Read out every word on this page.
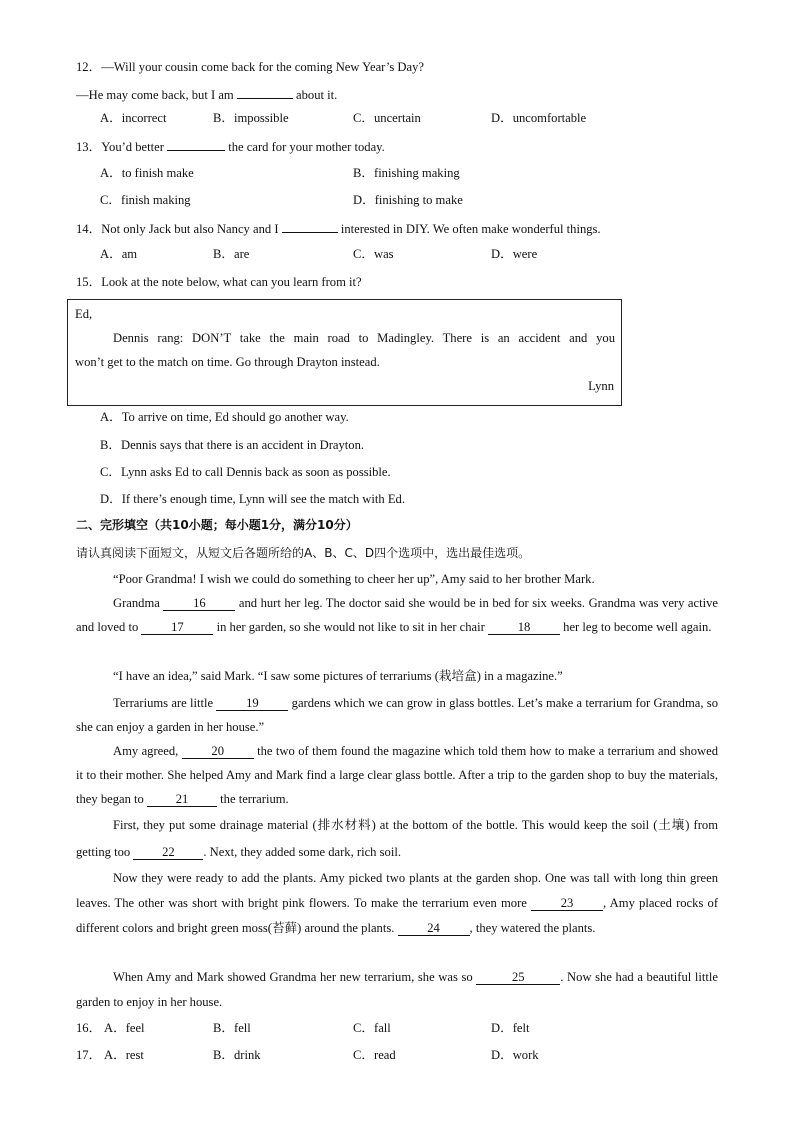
12．—Will your cousin come back for the coming New Year’s Day?
—He may come back, but I am	about it.
A．incorrect	B．impossible	C．uncertain	D．uncomfortable
13．You’d better	the card for your mother today.
A．to finish make	B．finishing making
C．finish making	D．finishing to make
14．Not only Jack but also Nancy and I	interested in DIY. We often make wonderful things.
A．am	B．are	C．was	D．were
15．Look at the note below, what can you learn from it?
Ed,
Dennis rang: DON’T take the main road to Madingley. There is an accident and you
won’t get to the match on time. Go through Drayton instead.
Lynn
A．To arrive on time, Ed should go another way.
B．Dennis says that there is an accident in Drayton.
C．Lynn asks Ed to call Dennis back as soon as possible.
D．If there’s enough time, Lynn will see the match with Ed.
二、完形填空（共10小题；每小题1分，满分10分）
请认真阅读下面短文，从短文后各题所给的A、B、C、D四个选项中，选出最佳选项。
“Poor Grandma! I wish we could do something to cheer her up”, Amy said to her brother Mark.
Grandma	16	and hurt her leg. The doctor said she would be in bed for six weeks. Grandma was very active and loved to	17	in her garden, so she would not like to sit in her chair	18	her leg to become well again.
“I have an idea,” said Mark. “I saw some pictures of terrariums (栽培盒) in a magazine.”
Terrariums are little	19	gardens which we can grow in glass bottles. Let’s make a terrarium for Grandma, so she can enjoy a garden in her house.”
Amy agreed,	20	the two of them found the magazine which told them how to make a terrarium and showed it to their mother. She helped Amy and Mark find a large clear glass bottle. After a trip to the garden shop to buy the materials, they began to	21	the terrarium.
First, they put some drainage material (排水材料) at the bottom of the bottle. This would keep the soil (土壤) from getting too	22 . Next, they added some dark, rich soil.
Now they were ready to add the plants. Amy picked two plants at the garden shop. One was tall with long thin green leaves. The other was short with bright pink flowers. To make the terrarium even more	23 , Amy placed rocks of different colors and bright green moss(苔藓) around the plants.	24 , they watered the plants.
When Amy and Mark showed Grandma her new terrarium, she was so	25	. Now she had a beautiful little garden to enjoy in her house.
16． A．feel	B．fell	C．fall	D．felt
17． A．rest	B．drink	C．read	D．work
